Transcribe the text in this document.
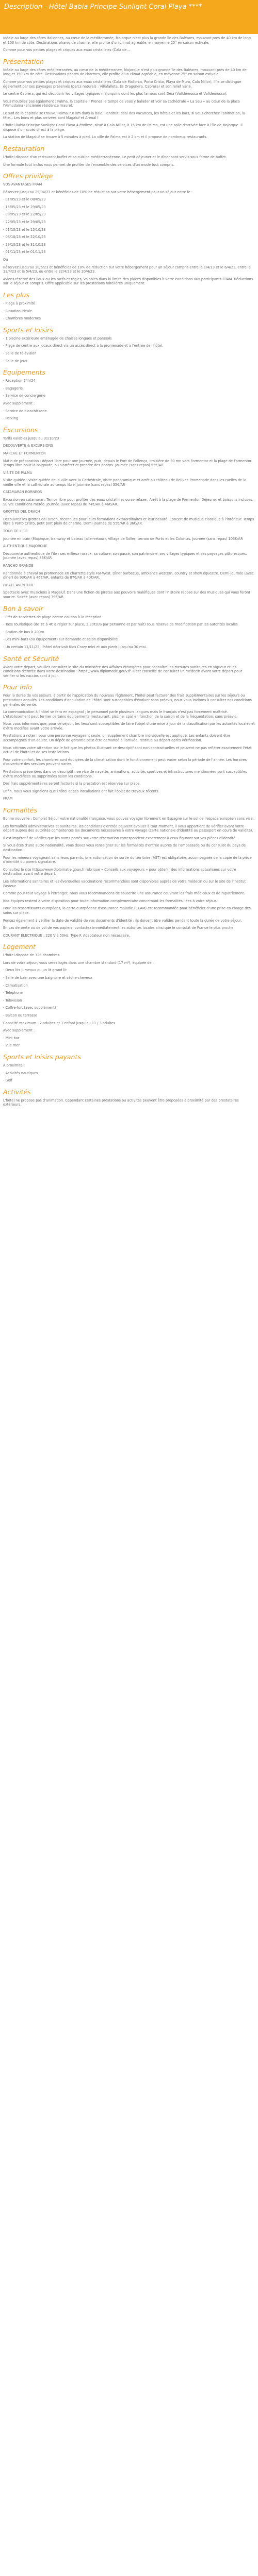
Description - Hôtel Babia Principe Sunlight Coral Playa ****

Idéale au large des côtes italiennes, au cœur de la méditerranée, Majorque n'est plus la grande île des Baléares, mouvant près de 40 km de long et 100 km de côte. Destinations phares de charme, elle profite d'un climat agréable, en moyenne 25° en saison estivale.

Comme pour vos petites plages et criques aux eaux cristallines (Cala de...

Présentation

Idéale au large des côtes méditerranées, au cœur de la méditerranée, Majorque n'est plus grande île des Baléares, mouvant près de 40 km de long et 150 km de côte. Destinations phares de charmes, elle profite d'un climat agréable, en moyenne 25° en saison estivale.

Comme pour vos petites plages et criques aux eaux cristallines (Cala de Mallorca, Porto Cristo, Playa de Muro, Cala Millor), l'île se distingue également par ses paysages préservés (parcs naturels : Villafalleta, Es Dragonera, Cabrera) et son relief varié.

Le centre Cabrera, qui est découvrir les villages typiques majorquins dont les plus fameux sont Deià (Valldemossa et Valldemossa).

Vous n'oubliez pas également : Palma, la capitale ! Prenez le temps de vous y balader et voir sa cathédrale « La Seu » au cœur de la plaza l'Almudaina (ancienne résidence maure).

Le sud de la capitale se trouve, Palma 7.8 km dans la baie, l'endroit idéal des vacances, les hôtels et les bars, si vous cherchez l'animation, la fête... Les bons et plus arrivées sont Magaluf et Arenal !

L'hôtel Bahia Principe Sunlight Coral Playa 4 étoiles*, situé à Cala Millor, à 15 km de Palma, est une salle d'arrivée face à l'île de Majorque. Il dispose d'un accès direct à la plage.

La station de Magaluf se trouve à 5 minutes à pied. La ville de Palma est à 2 km et il propose de nombreux restaurants.

Restauration

L'hôtel dispose d'un restaurant buffet et sa cuisine méditerranéenne. Le petit déjeuner et le dîner sont servis sous forme de buffet.

Une formule tout inclus vous permet de profiter de l'ensemble des services d'un mode tout compris.

Offres privilège

VOS AVANTAGES FRAM

Réservez jusqu'au 29/04/23 et bénéficiez de 10% de réduction sur votre hébergement pour un séjour entre le :

- 01/05/23 et le 08/05/23

- 15/05/23 et le 29/05/23

- 08/05/23 et le 22/05/23

- 22/05/23 et le 29/05/23

- 01/10/23 et le 15/10/23

- 08/10/23 et le 22/10/23

- 29/10/23 et le 31/10/23

- 01/11/23 et le 01/11/23

Ou

Réservez jusqu'au 30/6/23 et bénéficiez de 10% de réduction sur votre hébergement pour un séjour compris entre le 1/4/23 et le 6/4/23, entre le 13/4/23 et le 5/4/23, ou entre le 22/4/23 et le 20/4/23.

Avions réservé des lieux ou les tarifs et règles, valables dans la limite des places disponibles à votre conditions aux participants FRAM. Réductions sur le séjour et compris. Offre applicable sur les prestations hôtelières uniquement.

Les plus

- Plage à proximité

- Situation idéale

- Chambres modernes

Sports et loisirs

- 1 piscine extérieure aménagée de chaises longues et parasols

- Plage de centre aux locaux direct via un accès direct à la promenade et à l'entrée de l'hôtel.

- Salle de télévision

- Salle de jeux

Equipements

- Réception 24h/24

- Bagagerie

- Service de conciergerie

Avec supplément :

- Service de blanchisserie

- Parking

Excursions

Tarifs valables jusqu'au 31/10/23

DÉCOUVERTE & EXCURSIONS

MARCHÉ ET FORMENTOR

Matin de préparation : départ libre pour une journée, puis, depuis le Port de Pollença, croisière de 30 mn vers Formentor et la plage de Formentor. Temps libre pour la baignade, ou s'arrêter et prendre des photos. Journée (sans repas) 55€/AR

VISITE DE PALMA

Visite guidée : visite guidée de la ville avec la Cathédrale, visite panoramique et arrêt au château de Bellver. Promenade dans les ruelles de la vieille ville et la cathédrale au temps libre. Journée (sans repas) 35€/AR

CATAMARAN BORNEOS

Excursion en catamaran. Temps libre pour profiter des eaux cristallines ou se relaxer. Arrêt à la plage de Formentor. Déjeuner et boissons incluses. Suivre conditions météo. Journée (avec repas) de 74€/AR à 46€/AR.

GROTTES DEL DRACH

Découvrez les grottes del Drach, reconnues pour leurs formations extraordinaires et leur beauté. Concert de musique classique à l'intérieur. Temps libre à Porto Cristo, petit port plein de charme. Demi-journée de 55€/AR à 36€/AR.

TOUR DE L'ÎLE

Journée en train (Majorque, tramway et bateau (aller-retour), Village de Sóller, terrain de Porto et les Colonias. Journée (sans repas) 105€/AR

AUTHENTIQUE MAJORQUE

Découverte authentique de l'île : ses milieux ruraux, sa culture, son passé, son patrimoine, ses villages typiques et ses paysages pittoresques. Journée (avec repas) 83€/AR

RANCHO GRANDE

Randonnée à cheval ou promenade en charrette style Far-West. Dîner barbecue, ambiance western, country et show équestre. Demi-journée (avec dîner) de 93€/AR à 46€/AR, enfants de 87€/AR à 40€/AR.

PIRATE AVENTURE

Spectacle avec musiciens à Magaluf. Dans une fiction de pirates aux pouvoirs maléfiques dont l'histoire repose sur des musiques qui vous feront sourire. Soirée (avec repas) 79€/AR

Bon à savoir

- Prêt de serviettes de plage contre caution à la réception

- Taxe touristique (de 1€ à 4€ à régler sur place, 3,30€/US par personne et par nuit) sous réserve de modification par les autorités locales

- Station de bus à 200m

- Les mini-bars (ou équipement) sur demande et selon disponibilité

- Un certain 11/11/23, l'hôtel décrivait Kids Crazy mini et aux pieds jusqu'au 30 mai.

Santé et Sécurité

Avant votre départ, veuillez consulter le site du ministère des Affaires étrangères pour connaître les mesures sanitaires en vigueur et les conditions d'entrée dans votre destination : https://www.diplomatie.gouv.fr. Il est conseillé de consulter un médecin avant votre départ pour vérifier si les vaccins sont à jour.

Pour info

Pour la durée de vos séjours, à partir de l'application du nouveau règlement, l'hôtel peut facturer des frais supplémentaires sur les séjours ou prestations annulés. Les conditions d'annulation de l'hôtel sont susceptibles d'évoluer sans préavis, nous vous invitons à consulter nos conditions générales de vente.

La communication à l'hôtel se fera en espagnol ; le personnel parle plusieurs langues mais le français n'est pas forcément maîtrisé. L'établissement peut fermer certains équipements (restaurant, piscine, spa) en fonction de la saison et de la fréquentation, sans préavis.

Nous vous informons que, pour ce séjour, les lieux sont susceptibles de faire l'objet d'une mise à jour de la classification par les autorités locales et d'être modifiés avant votre arrivée.

Prestations à noter : pour une personne voyageant seule, un supplément chambre individuelle est appliqué. Les enfants doivent être accompagnés d'un adulte. Un dépôt de garantie peut être demandé à l'arrivée, restitué au départ après vérification.

Nous attirons votre attention sur le fait que les photos illustrant ce descriptif sont non contractuelles et peuvent ne pas refléter exactement l'état actuel de l'hôtel et de ses installations.

Pour votre confort, les chambres sont équipées de la climatisation dont le fonctionnement peut varier selon la période de l'année. Les horaires d'ouverture des services peuvent varier.

Prestations présentées dans ce descriptif : service de navette, animations, activités sportives et infrastructures mentionnées sont susceptibles d'être modifiées ou supprimées selon les conditions.

Des frais supplémentaires seront facturés si la prestation est réservée sur place.

Enfin, nous vous signalons que l'hôtel et ses installations ont fait l'objet de travaux récents.

FRAM

Formalités

Bonne nouvelle : Complet Séjour votre nationalité française, vous pouvez voyager librement en Espagne sur le sol de l'espace européen sans visa.

Les formalités administratives et sanitaires, les conditions d'entrée peuvent évoluer à tout moment, il vous appartient de vérifier avant votre départ auprès des autorités compétentes les documents nécessaires à votre voyage (carte nationale d'identité ou passeport en cours de validité).

Il est impératif de vérifier que les noms portés sur votre réservation correspondent exactement à ceux figurant sur vos pièces d'identité.

Si vous êtes d'une autre nationalité, vous devez vous renseigner sur les formalités d'entrée auprès de l'ambassade ou du consulat du pays de destination.

Pour les mineurs voyageant sans leurs parents, une autorisation de sortie du territoire (AST) est obligatoire, accompagnée de la copie de la pièce d'identité du parent signataire.

Consultez le site https://www.diplomatie.gouv.fr rubrique « Conseils aux voyageurs » pour obtenir des informations actualisées sur votre destination avant votre départ.

Les informations sanitaires et les éventuelles vaccinations recommandées sont disponibles auprès de votre médecin ou sur le site de l'Institut Pasteur.

Comme pour tout voyage à l'étranger, nous vous recommandons de souscrire une assurance couvrant les frais médicaux et de rapatriement.

Nos équipes restent à votre disposition pour toute information complémentaire concernant les formalités liées à votre séjour.

Pour les ressortissants européens, la carte européenne d'assurance maladie (CEAM) est recommandée pour bénéficier d'une prise en charge des soins sur place.

Pensez également à vérifier la date de validité de vos documents d'identité : ils doivent être valides pendant toute la durée de votre séjour.

En cas de perte ou de vol de vos papiers, contactez immédiatement les autorités locales ainsi que le consulat de France le plus proche.

COURANT ÉLECTRIQUE : 220 V à 50Hz. Type F. Adaptateur non nécessaire.

Logement

L'hôtel dispose de 326 chambres.

Lors de votre séjour, vous serez logés dans une chambre standard (17 m²), équipée de :

- Deux lits jumeaux ou un lit grand lit

- Salle de bain avec une baignoire et sèche-cheveux

- Climatisation

- Téléphone

- Télévision

- Coffre-fort (avec supplément)

- Balcon ou terrasse

Capacité maximum : 2 adultes et 1 enfant jusqu'au 11 / 3 adultes

Avec supplément :

- Mini-bar

- Vue mer

Sports et loisirs payants

À proximité :

- Activités nautiques

- Golf

Activités

L'hôtel ne propose pas d'animation. Cependant certaines prestations ou activités peuvent être proposées à proximité par des prestataires extérieurs.
